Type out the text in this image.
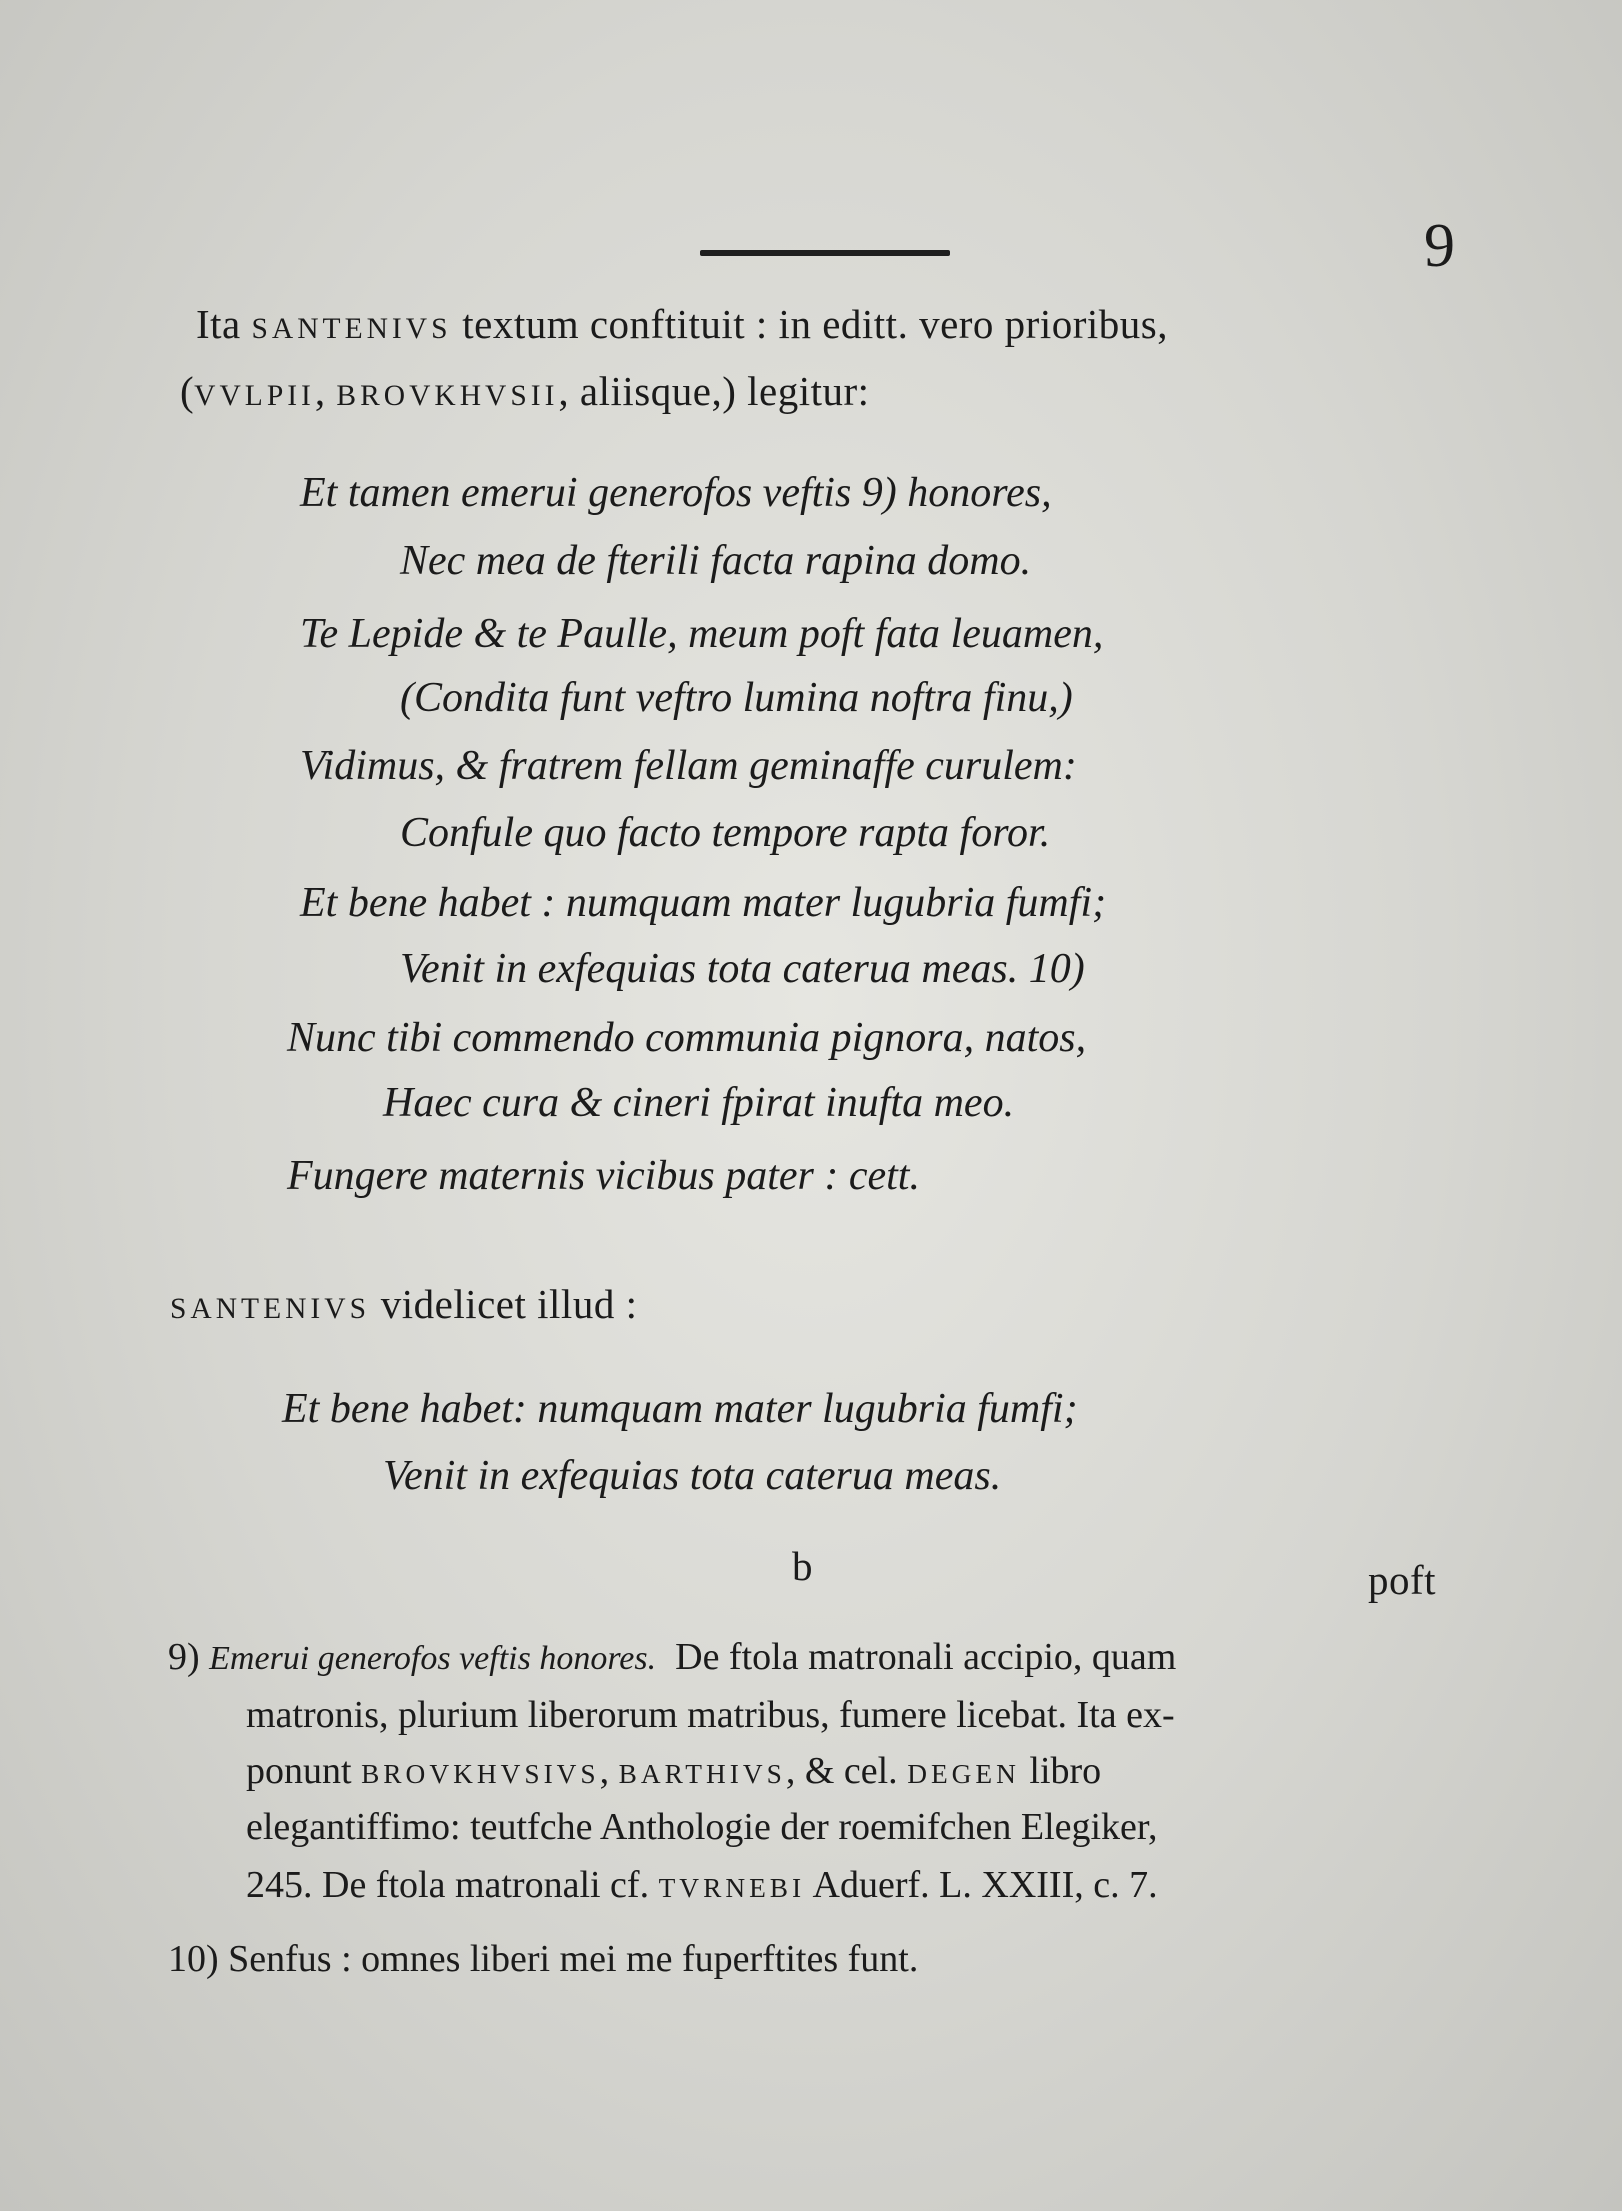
9
Ita SANTENIVS textum conftituit : in editt. vero prioribus,
(VVLPII, BROVKHVSII, aliisque,) legitur:
Et tamen emerui generofos veftis 9) honores,
Nec mea de fterili facta rapina domo.
Te Lepide & te Paulle, meum poft fata leuamen,
(Condita funt veftro lumina noftra finu,)
Vidimus, & fratrem fellam geminaffe curulem:
Confule quo facto tempore rapta foror.
Et bene habet : numquam mater lugubria fumfi;
Venit in exfequias tota caterua meas. 10)
Nunc tibi commendo communia pignora, natos,
Haec cura & cineri fpirat inufta meo.
Fungere maternis vicibus pater : cett.
SANTENIVS videlicet illud :
Et bene habet: numquam mater lugubria fumfi;
Venit in exfequias tota caterua meas.
b	poft
9) Emerui generofos veftis honores. De ftola matronali accipio, quam
matronis, plurium liberorum matribus, fumere licebat. Ita ex-
ponunt BROVKHVSIVS, BARTHIVS, & cel. DEGEN libro
elegantiffimo: teutfche Anthologie der roemifchen Elegiker,
245. De ftola matronali cf. TVRNEBI Aduerf. L. XXIII, c. 7.
10) Senfus : omnes liberi mei me fuperftites funt.
